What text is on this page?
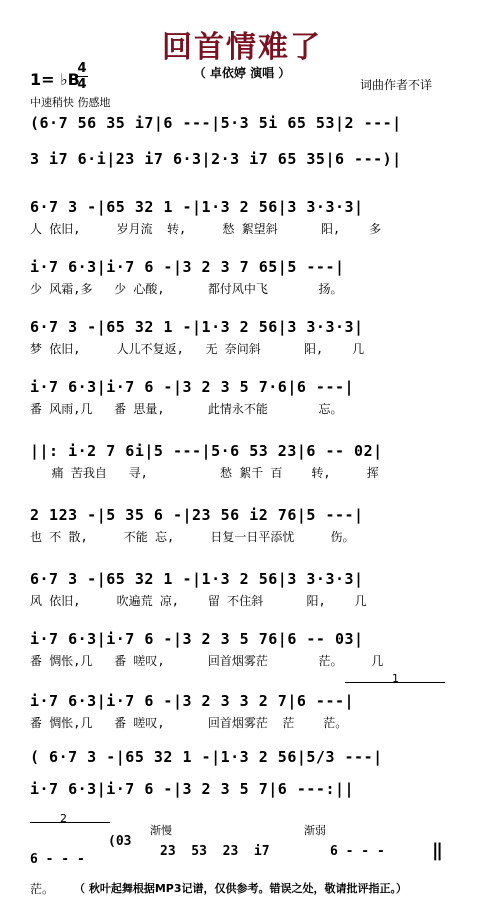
回首情难了
（ 卓依婷 演唱 ）
词曲作者不详
1= ♭B
4
4
中速稍快 伤感地
(6·7 56 35 i7|6 ---|5·3 5i 65 53|2 ---|
3 i7 6·i|23 i7 6·3|2·3 i7 65 35|6 ---)|
6·7 3 -|65 32 1 -|1·3 2 56|3 3·3·3|
人 依旧,     岁月流  转,     愁 絮望斜      阳,    多
i·7 6·3|i·7 6 -|3 2 3 7 65|5 ---|
少 风霜,多   少 心酸,      都付风中飞       扬。
6·7 3 -|65 32 1 -|1·3 2 56|3 3·3·3|
梦 依旧,     人儿不复返,   无 奈问斜      阳,    几
i·7 6·3|i·7 6 -|3 2 3 5 7·6|6 ---|
番 风雨,几   番 思量,      此情永不能       忘。
||: i·2 7 6i|5 ---|5·6 53 23|6 -- 02|
痛 苦我自   寻,          愁 絮千 百    转,     挥
2 123 -|5 35 6 -|23 56 i2 76|5 ---|
也 不 散,     不能 忘,     日复一日平添忧     伤。
6·7 3 -|65 32 1 -|1·3 2 56|3 3·3·3|
风 依旧,     吹遍荒 凉,    留 不住斜      阳,    几
i·7 6·3|i·7 6 -|3 2 3 5 76|6 -- 03|
番 惆怅,几   番 嗟叹,      回首烟雾茫       茫。    几
i·7 6·3|i·7 6 -|3 2 3 3 2 7|6 ---|
番 惆怅,几   番 嗟叹,      回首烟雾茫  茫    茫。
( 6·7 3 -|65 32 1 -|1·3 2 56|5/3 ---|
i·7 6·3|i·7 6 -|3 2 3 5 7|6 ---:||
1
2
6 - - -
(03
渐慢
23  53  23  i7
渐弱
6 - - -	‖
茫。 （ 秋叶起舞根据MP3记谱，仅供参考。错误之处，敬请批评指正。）
